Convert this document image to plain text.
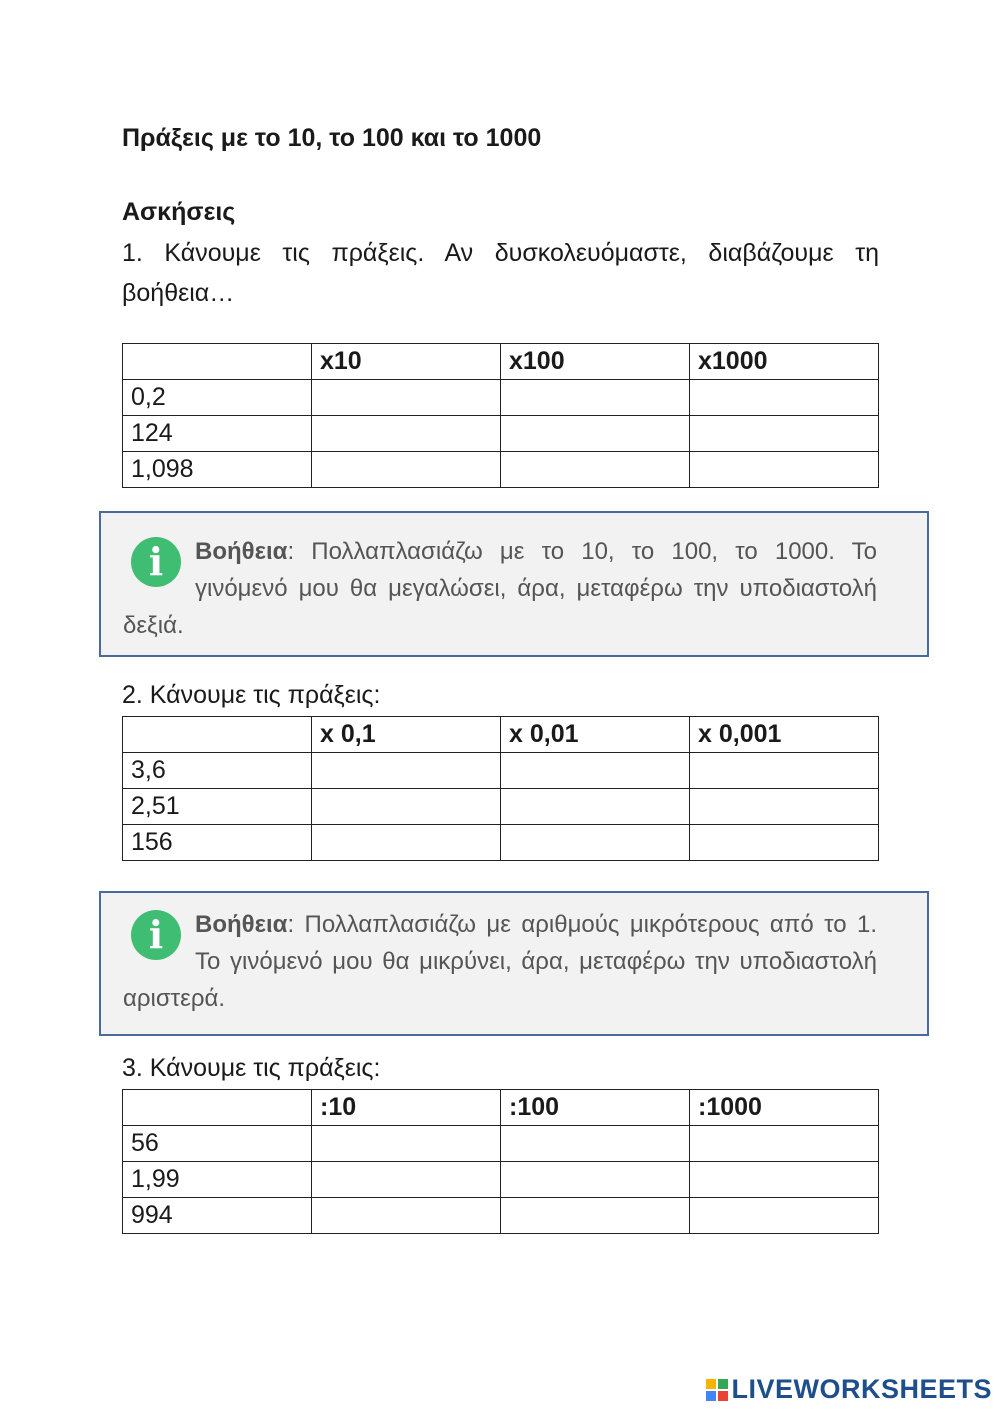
Πράξεις με το 10, το 100 και το 1000
Ασκήσεις
1. Κάνουμε τις πράξεις. Αν δυσκολευόμαστε, διαβάζουμε τη βοήθεια…
	x10	x100	x1000
0,2			
124			
1,098			
i	Βοήθεια: Πολλαπλασιάζω με το 10, το 100, το 1000. Το γινόμενό μου θα μεγαλώσει, άρα, μεταφέρω την υποδιαστολή δεξιά.
2. Κάνουμε τις πράξεις:
	x 0,1	x 0,01	x 0,001
3,6			
2,51			
156			
i	Βοήθεια: Πολλαπλασιάζω με αριθμούς μικρότερους από το 1. Το γινόμενό μου θα μικρύνει, άρα, μεταφέρω την υποδιαστολή αριστερά.
3. Κάνουμε τις πράξεις:
	:10	:100	:1000
56			
1,99			
994			
LIVEWORKSHEETS
